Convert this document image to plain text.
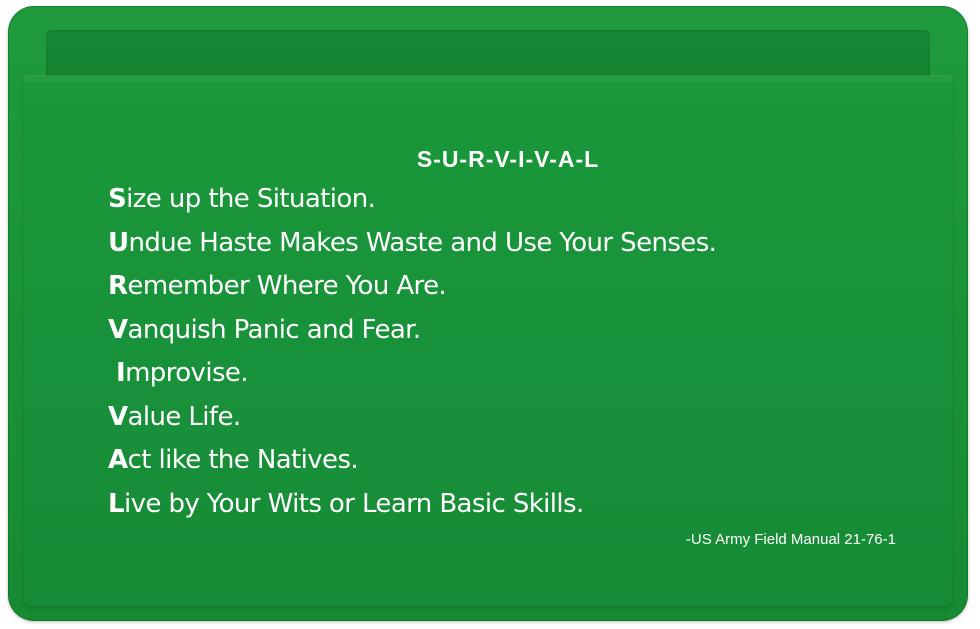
S-U-R-V-I-V-A-L
Size up the Situation.
Undue Haste Makes Waste and Use Your Senses.
Remember Where You Are.
Vanquish Panic and Fear.
Improvise.
Value Life.
Act like the Natives.
Live by Your Wits or Learn Basic Skills.
-US Army Field Manual 21-76-1
